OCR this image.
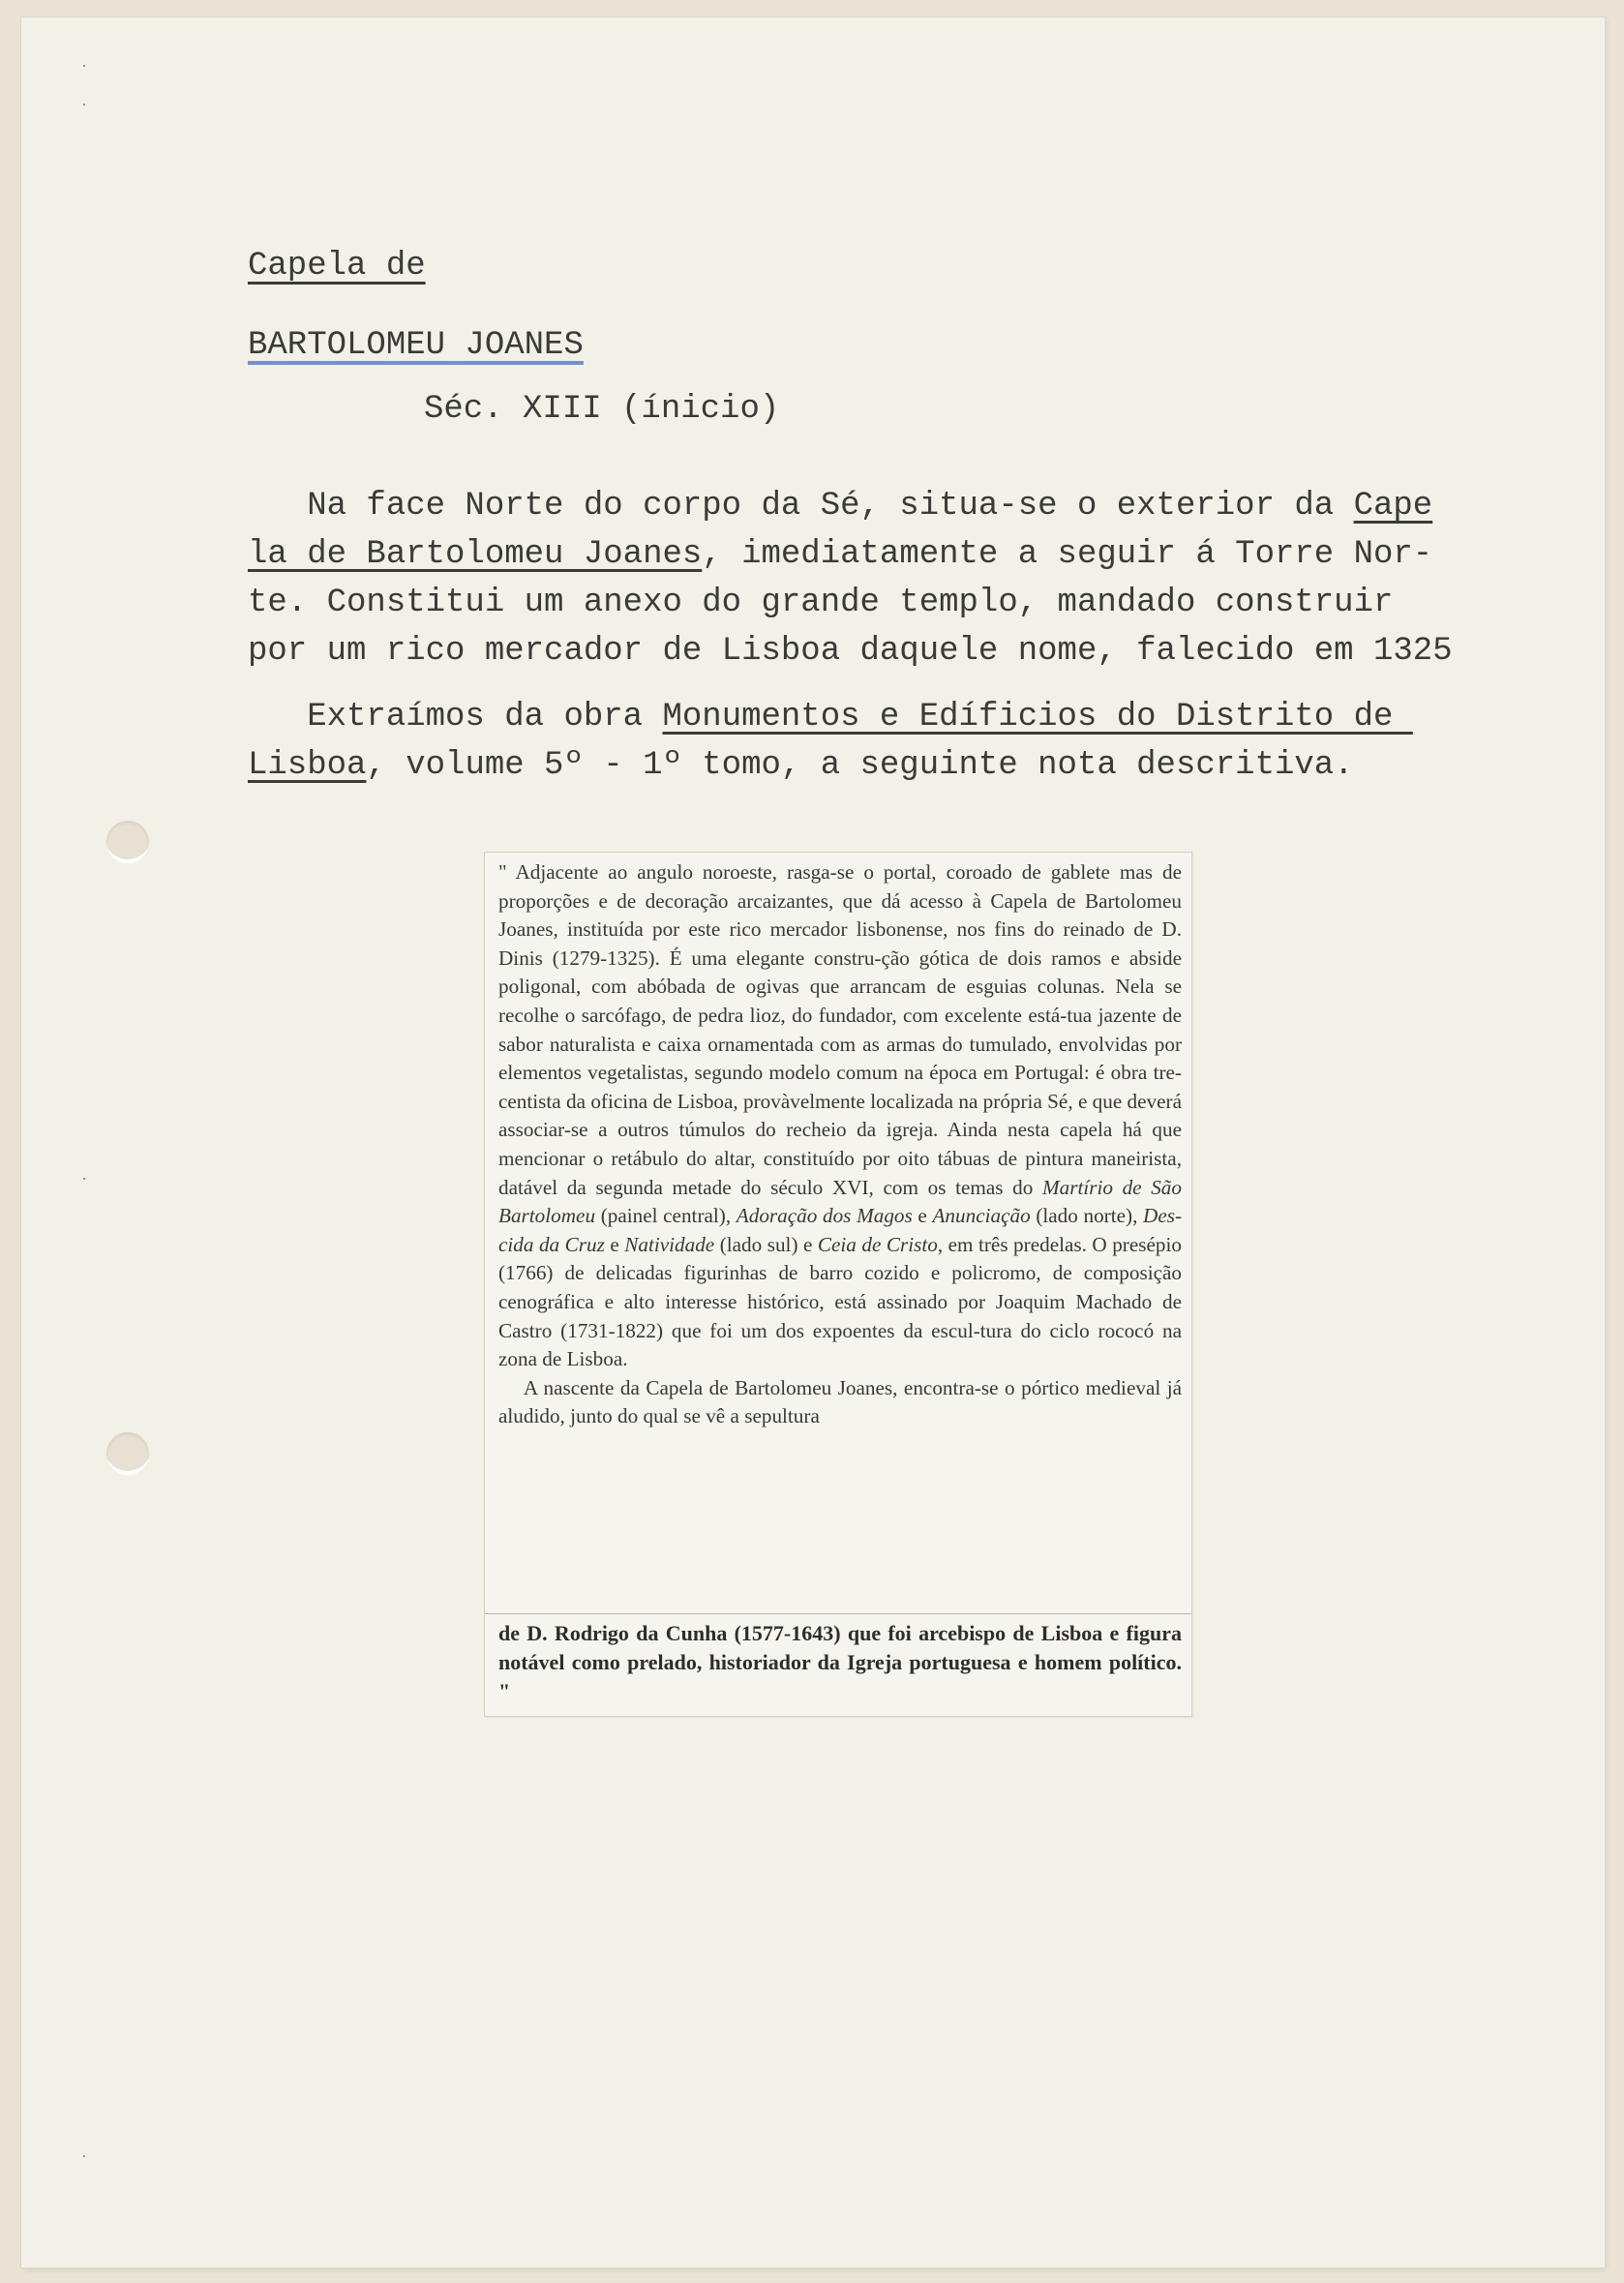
·
·
·
·

Capela de

BARTOLOMEU JOANES

Séc. XIII (ínicio)

Na face Norte do corpo da Sé, situa-se o exterior da Cape
la de Bartolomeu Joanes, imediatamente a seguir á Torre Nor-
te. Constitui um anexo do grande templo, mandado construir
por um rico mercador de Lisboa daquele nome, falecido em 1325
Extraímos da obra Monumentos e Edíficios do Distrito de
Lisboa, volume 5º - 1º tomo, a seguinte nota descritiva.

" Adjacente ao angulo noroeste, rasga-se o portal, coroado de gablete mas de proporções e de decoração arcaizantes, que dá acesso à Capela de Bartolomeu Joanes, instituída por este rico mercador lisbonense, nos fins do reinado de D. Dinis (1279-1325). É uma elegante constru-ção gótica de dois ramos e abside poligonal, com abóbada de ogivas que arrancam de esguias colunas. Nela se recolhe o sarcófago, de pedra lioz, do fundador, com excelente está-tua jazente de sabor naturalista e caixa ornamentada com as armas do tumulado, envolvidas por elementos vegetalistas, segundo modelo comum na época em Portugal: é obra tre-centista da oficina de Lisboa, provàvelmente localizada na própria Sé, e que deverá associar-se a outros túmulos do recheio da igreja. Ainda nesta capela há que mencionar o retábulo do altar, constituído por oito tábuas de pintura maneirista, datável da segunda metade do século XVI, com os temas do Martírio de São Bartolomeu (painel central), Adoração dos Magos e Anunciação (lado norte), Des-cida da Cruz e Natividade (lado sul) e Ceia de Cristo, em três predelas. O presépio (1766) de delicadas figurinhas de barro cozido e policromo, de composição cenográfica e alto interesse histórico, está assinado por Joaquim Machado de Castro (1731-1822) que foi um dos expoentes da escul-tura do ciclo rococó na zona de Lisboa.
A nascente da Capela de Bartolomeu Joanes, encontra-se o pórtico medieval já aludido, junto do qual se vê a sepultura

de D. Rodrigo da Cunha (1577-1643) que foi arcebispo de Lisboa e figura notável como prelado, historiador da Igreja portuguesa e homem político. "
